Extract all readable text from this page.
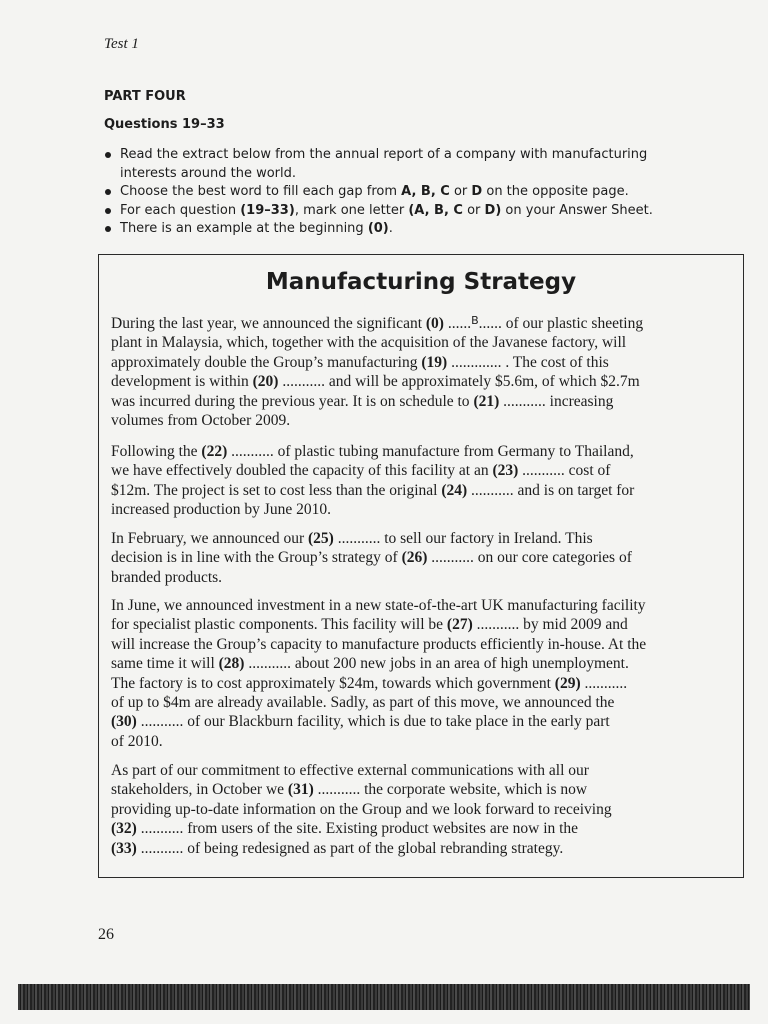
Test 1
PART FOUR
Questions 19–33
Read the extract below from the annual report of a company with manufacturing
interests around the world.
Choose the best word to fill each gap from A, B, C or D on the opposite page.
For each question (19–33), mark one letter (A, B, C or D) on your Answer Sheet.
There is an example at the beginning (0).
Manufacturing Strategy

During the last year, we announced the significant (0) ......$^B$...... of our plastic sheeting
plant in Malaysia, which, together with the acquisition of the Javanese factory, will
approximately double the Group’s manufacturing (19) ............. . The cost of this
development is within (20) ........... and will be approximately $5.6m, of which $2.7m
was incurred during the previous year. It is on schedule to (21) ........... increasing
volumes from October 2009.

Following the (22) ........... of plastic tubing manufacture from Germany to Thailand,
we have effectively doubled the capacity of this facility at an (23) ........... cost of
$12m. The project is set to cost less than the original (24) ........... and is on target for
increased production by June 2010.

In February, we announced our (25) ........... to sell our factory in Ireland. This
decision is in line with the Group’s strategy of (26) ........... on our core categories of
branded products.

In June, we announced investment in a new state-of-the-art UK manufacturing facility
for specialist plastic components. This facility will be (27) ........... by mid 2009 and
will increase the Group’s capacity to manufacture products efficiently in-house. At the
same time it will (28) ........... about 200 new jobs in an area of high unemployment.
The factory is to cost approximately $24m, towards which government (29) ...........
of up to $4m are already available. Sadly, as part of this move, we announced the
(30) ........... of our Blackburn facility, which is due to take place in the early part
of 2010.

As part of our commitment to effective external communications with all our
stakeholders, in October we (31) ........... the corporate website, which is now
providing up-to-date information on the Group and we look forward to receiving
(32) ........... from users of the site. Existing product websites are now in the
(33) ........... of being redesigned as part of the global rebranding strategy.

26
